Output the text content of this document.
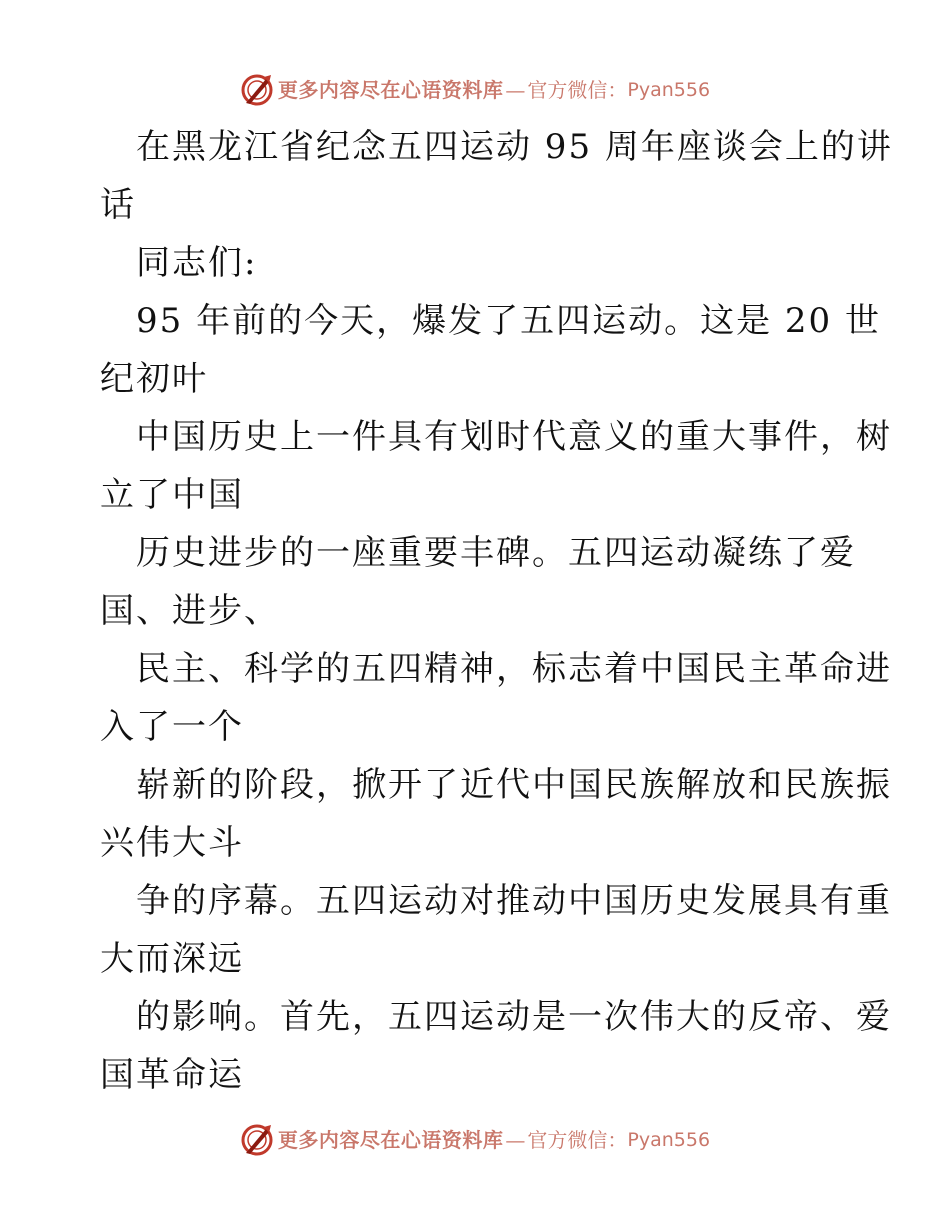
更多内容尽在心语资料库 — 官方微信： Pyan556
在黑龙江省纪念五四运动 95 周年座谈会上的讲
话
同志们:
95 年前的今天，爆发了五四运动。这是 20 世
纪初叶
中国历史上一件具有划时代意义的重大事件，树
立了中国
历史进步的一座重要丰碑。五四运动凝练了爱
国、进步、
民主、科学的五四精神，标志着中国民主革命进
入了一个
崭新的阶段，掀开了近代中国民族解放和民族振
兴伟大斗
争的序幕。五四运动对推动中国历史发展具有重
大而深远
的影响。首先，五四运动是一次伟大的反帝、爱
国革命运
更多内容尽在心语资料库 — 官方微信： Pyan556
